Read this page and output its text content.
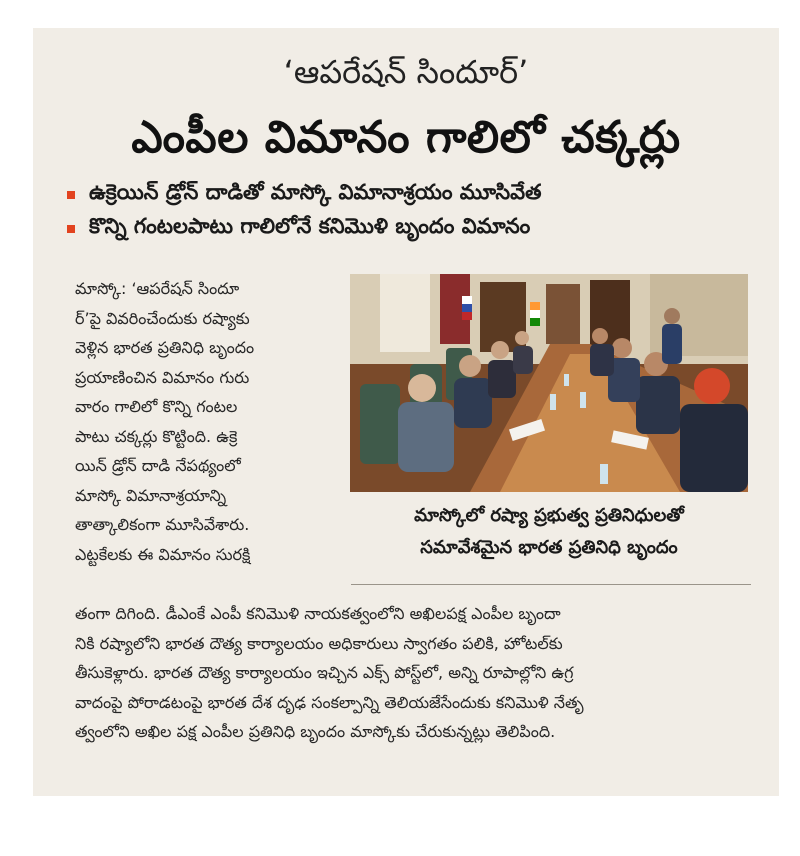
‘ఆపరేషన్ సిందూర్’
ఎంపీల విమానం గాలిలో చక్కర్లు
ఉక్రెయిన్ డ్రోన్ దాడితో మాస్కో విమానాశ్రయం మూసివేత
కొన్ని గంటలపాటు గాలిలోనే కనిమొళి బృందం విమానం
మాస్కో: ‘ఆపరేషన్ సిందూ
ర్’పై వివరించేందుకు రష్యాకు
వెళ్లిన భారత ప్రతినిధి బృందం
ప్రయాణించిన విమానం గురు
వారం గాలిలో కొన్ని గంటల
పాటు చక్కర్లు కొట్టింది. ఉక్రె
యిన్ డ్రోన్ దాడి నేపథ్యంలో
మాస్కో విమానాశ్రయాన్ని
తాత్కాలికంగా మూసివేశారు.
ఎట్టకేలకు ఈ విమానం సురక్షి
మాస్కోలో రష్యా ప్రభుత్వ ప్రతినిధులతో
సమావేశమైన భారత ప్రతినిధి బృందం
తంగా దిగింది. డీఎంకే ఎంపీ కనిమొళి నాయకత్వంలోని అఖిలపక్ష ఎంపీల బృందా
నికి రష్యాలోని భారత దౌత్య కార్యాలయం అధికారులు స్వాగతం పలికి, హోటల్‌కు
తీసుకెళ్లారు. భారత దౌత్య కార్యాలయం ఇచ్చిన ఎక్స్ పోస్ట్‌లో, అన్ని రూపాల్లోని ఉగ్ర
వాదంపై పోరాడటంపై భారత దేశ దృఢ సంకల్పాన్ని తెలియజేసేందుకు కనిమొళి నేతృ
త్వంలోని అఖిల పక్ష ఎంపీల ప్రతినిధి బృందం మాస్కోకు చేరుకున్నట్లు తెలిపింది.
